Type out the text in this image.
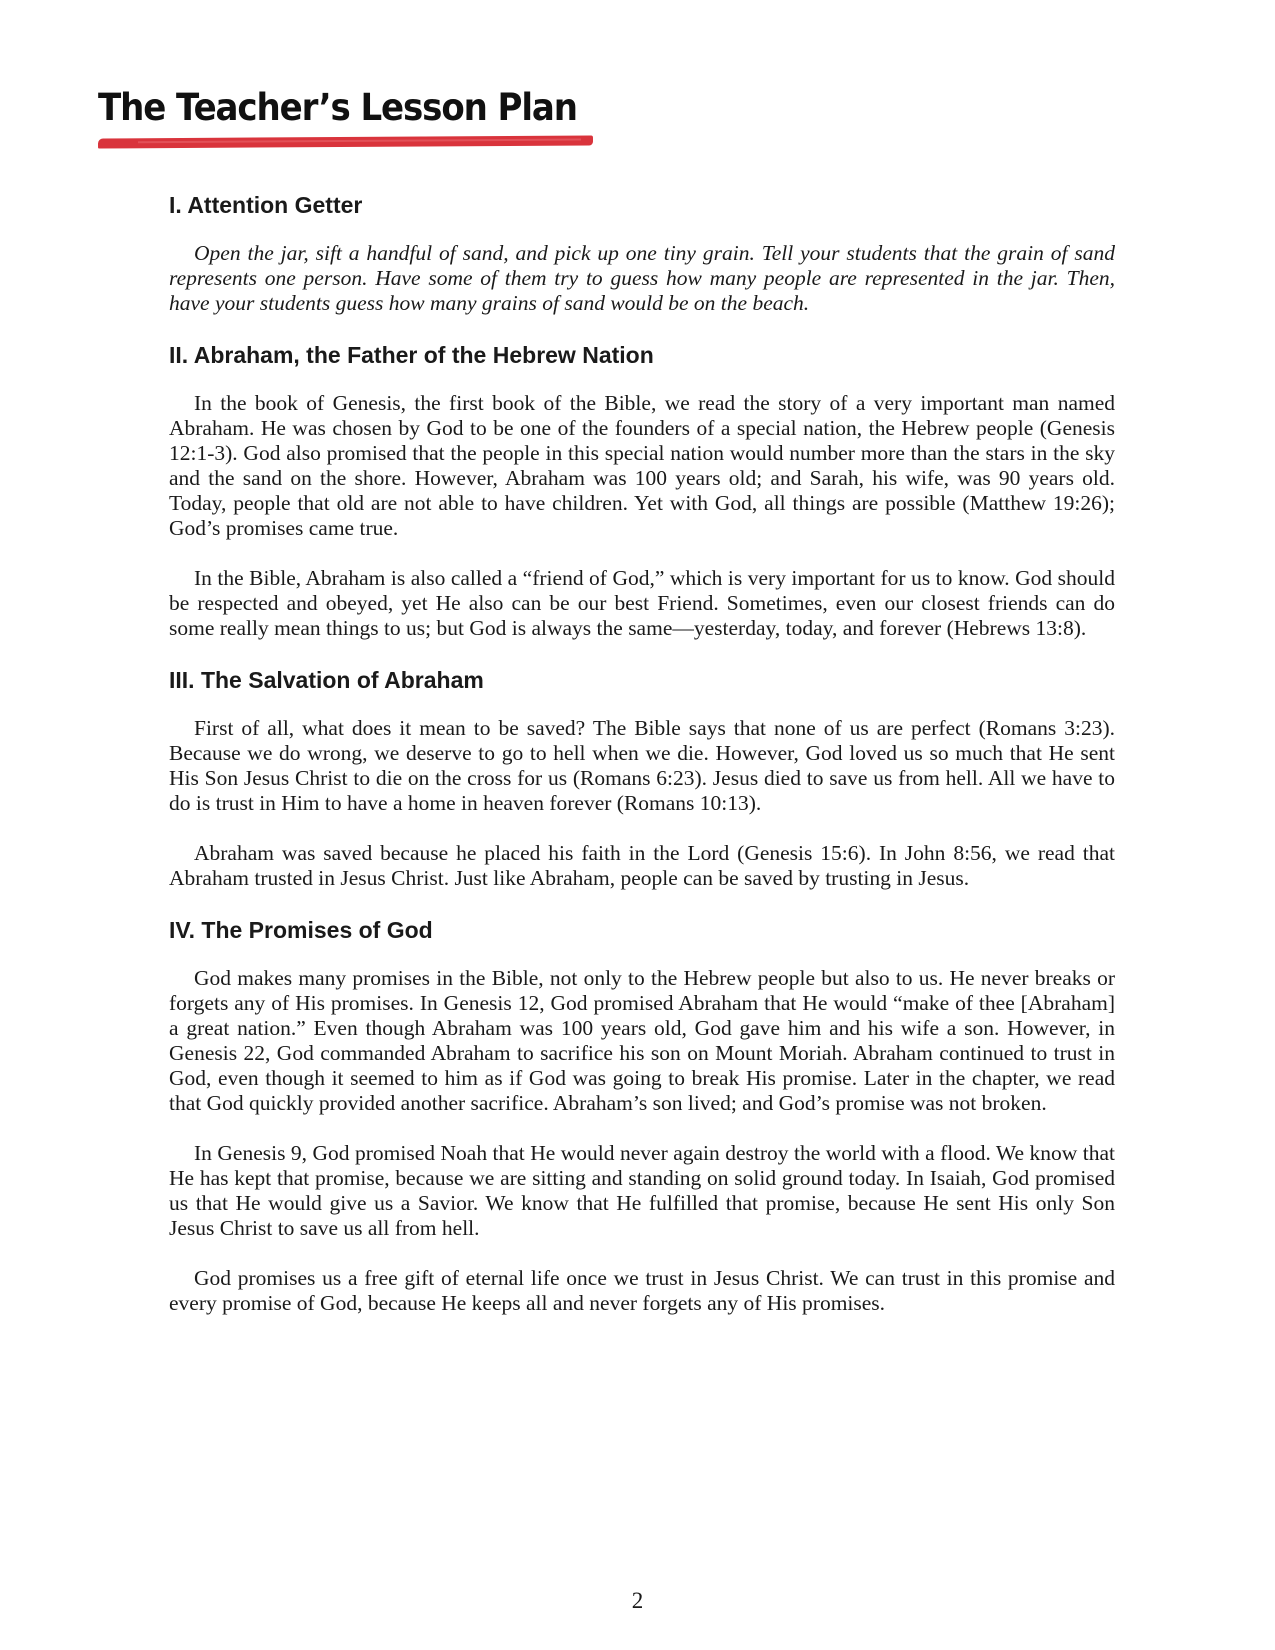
The Teacher’s Lesson Plan
I. Attention Getter

Open the jar, sift a handful of sand, and pick up one tiny grain. Tell your students that the grain of sand represents one person. Have some of them try to guess how many people are represented in the jar. Then, have your students guess how many grains of sand would be on the beach.

II. Abraham, the Father of the Hebrew Nation

In the book of Genesis, the first book of the Bible, we read the story of a very important man named Abraham. He was chosen by God to be one of the founders of a special nation, the Hebrew people (Genesis 12:1-3). God also promised that the people in this special nation would number more than the stars in the sky and the sand on the shore. However, Abraham was 100 years old; and Sarah, his wife, was 90 years old. Today, people that old are not able to have children. Yet with God, all things are possible (Matthew 19:26); God’s promises came true.

In the Bible, Abraham is also called a “friend of God,” which is very important for us to know. God should be respected and obeyed, yet He also can be our best Friend. Sometimes, even our closest friends can do some really mean things to us; but God is always the same—yesterday, today, and forever (Hebrews 13:8).

III. The Salvation of Abraham

First of all, what does it mean to be saved? The Bible says that none of us are perfect (Romans 3:23). Because we do wrong, we deserve to go to hell when we die. However, God loved us so much that He sent His Son Jesus Christ to die on the cross for us (Romans 6:23). Jesus died to save us from hell. All we have to do is trust in Him to have a home in heaven forever (Romans 10:13).

Abraham was saved because he placed his faith in the Lord (Genesis 15:6). In John 8:56, we read that Abraham trusted in Jesus Christ. Just like Abraham, people can be saved by trusting in Jesus.

IV. The Promises of God

God makes many promises in the Bible, not only to the Hebrew people but also to us. He never breaks or forgets any of His promises. In Genesis 12, God promised Abraham that He would “make of thee [Abraham] a great nation.” Even though Abraham was 100 years old, God gave him and his wife a son. However, in Genesis 22, God commanded Abraham to sacrifice his son on Mount Moriah. Abraham continued to trust in God, even though it seemed to him as if God was going to break His promise. Later in the chapter, we read that God quickly provided another sacrifice. Abraham’s son lived; and God’s promise was not broken.

In Genesis 9, God promised Noah that He would never again destroy the world with a flood. We know that He has kept that promise, because we are sitting and standing on solid ground today. In Isaiah, God promised us that He would give us a Savior. We know that He fulfilled that promise, because He sent His only Son Jesus Christ to save us all from hell.

God promises us a free gift of eternal life once we trust in Jesus Christ. We can trust in this promise and every promise of God, because He keeps all and never forgets any of His promises.

2
